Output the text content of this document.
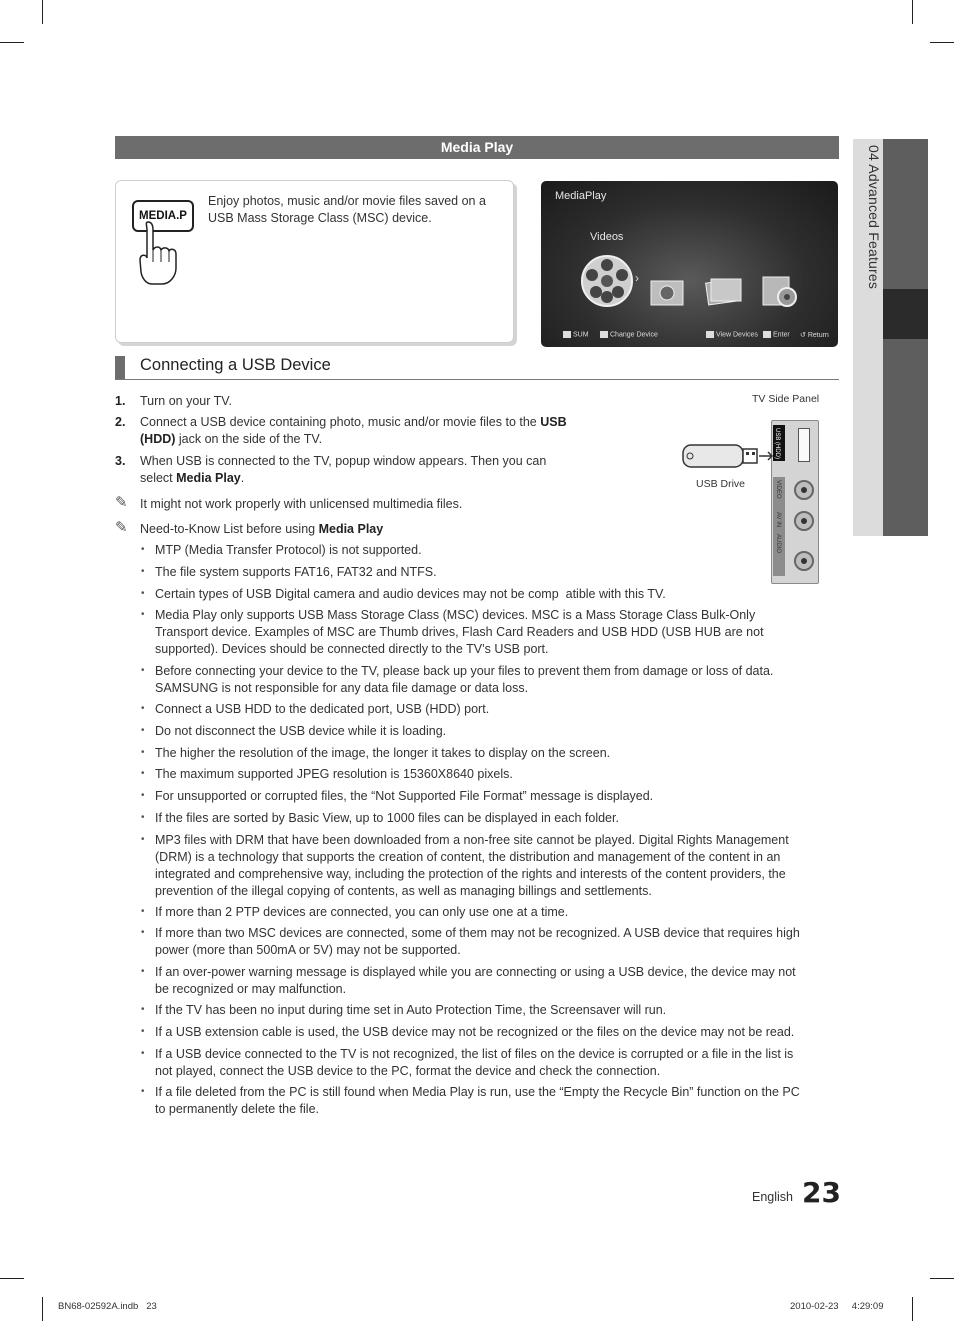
04 Advanced Features
Media Play
MEDIA.P
Enjoy photos, music and/or movie files saved on a USB Mass Storage Class (MSC) device.
MediaPlay
Videos
›
SUM	Change Device	View Devices	Enter ↺ Return
Connecting a USB Device
1. Turn on your TV.
2. Connect a USB device containing photo, music and/or movie files to the USB
(HDD) jack on the side of the TV.
3. When USB is connected to the TV, popup window appears. Then you can
select Media Play.
✎ It might not work properly with unlicensed multimedia files.
✎ Need-to-Know List before using Media Play
• MTP (Media Transfer Protocol) is not supported.
• The file system supports FAT16, FAT32 and NTFS.
• Certain types of USB Digital camera and audio devices may not be comp  atible with this TV.
• Media Play only supports USB Mass Storage Class (MSC) devices. MSC is a Mass Storage Class Bulk-Only
Transport device. Examples of MSC are Thumb drives, Flash Card Readers and USB HDD (USB HUB are not
supported). Devices should be connected directly to the TV’s USB port.
• Before connecting your device to the TV, please back up your files to prevent them from damage or loss of data.
SAMSUNG is not responsible for any data file damage or data loss.
• Connect a USB HDD to the dedicated port, USB (HDD) port.
• Do not disconnect the USB device while it is loading.
• The higher the resolution of the image, the longer it takes to display on the screen.
• The maximum supported JPEG resolution is 15360X8640 pixels.
• For unsupported or corrupted files, the “Not Supported File Format” message is displayed.
• If the files are sorted by Basic View, up to 1000 files can be displayed in each folder.
• MP3 files with DRM that have been downloaded from a non-free site cannot be played. Digital Rights Management
(DRM) is a technology that supports the creation of content, the distribution and management of the content in an
integrated and comprehensive way, including the protection of the rights and interests of the content providers, the
prevention of the illegal copying of contents, as well as managing billings and settlements.
• If more than 2 PTP devices are connected, you can only use one at a time.
• If more than two MSC devices are connected, some of them may not be recognized. A USB device that requires high
power (more than 500mA or 5V) may not be supported.
• If an over-power warning message is displayed while you are connecting or using a USB device, the device may not
be recognized or may malfunction.
• If the TV has been no input during time set in Auto Protection Time, the Screensaver will run.
• If a USB extension cable is used, the USB device may not be recognized or the files on the device may not be read.
• If a USB device connected to the TV is not recognized, the list of files on the device is corrupted or a file in the list is
not played, connect the USB device to the PC, format the device and check the connection.
• If a file deleted from the PC is still found when Media Play is run, use the “Empty the Recycle Bin” function on the PC
to permanently delete the file.
TV Side Panel
USB (HDD)
VIDEO
AV IN
AUDIO
USB Drive
English 23
BN68-02592A.indb   23	2010-02-23     4:29:09
